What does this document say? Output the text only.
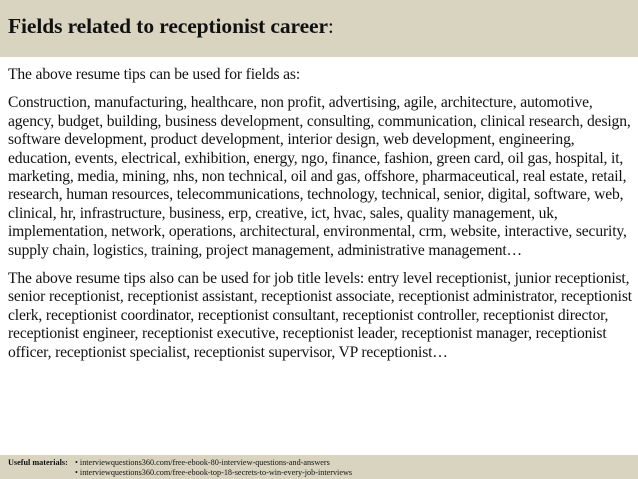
Fields related to receptionist career:

The above resume tips can be used for fields as:

Construction, manufacturing, healthcare, non profit, advertising, agile, architecture, automotive, agency, budget, building, business development, consulting, communication, clinical research, design, software development, product development, interior design, web development, engineering, education, events, electrical, exhibition, energy, ngo, finance, fashion, green card, oil gas, hospital, it, marketing, media, mining, nhs, non technical, oil and gas, offshore, pharmaceutical, real estate, retail, research, human resources, telecommunications, technology, technical, senior, digital, software, web, clinical, hr, infrastructure, business, erp, creative, ict, hvac, sales, quality management, uk, implementation, network, operations, architectural, environmental, crm, website, interactive, security, supply chain, logistics, training, project management, administrative management…

The above resume tips also can be used for job title levels: entry level receptionist, junior receptionist, senior receptionist, receptionist assistant, receptionist associate, receptionist administrator, receptionist clerk, receptionist coordinator, receptionist consultant, receptionist controller, receptionist director, receptionist engineer, receptionist executive, receptionist leader, receptionist manager, receptionist officer, receptionist specialist, receptionist supervisor, VP receptionist…

Useful materials: • interviewquestions360.com/free-ebook-80-interview-questions-and-answers
• interviewquestions360.com/free-ebook-top-18-secrets-to-win-every-job-interviews
